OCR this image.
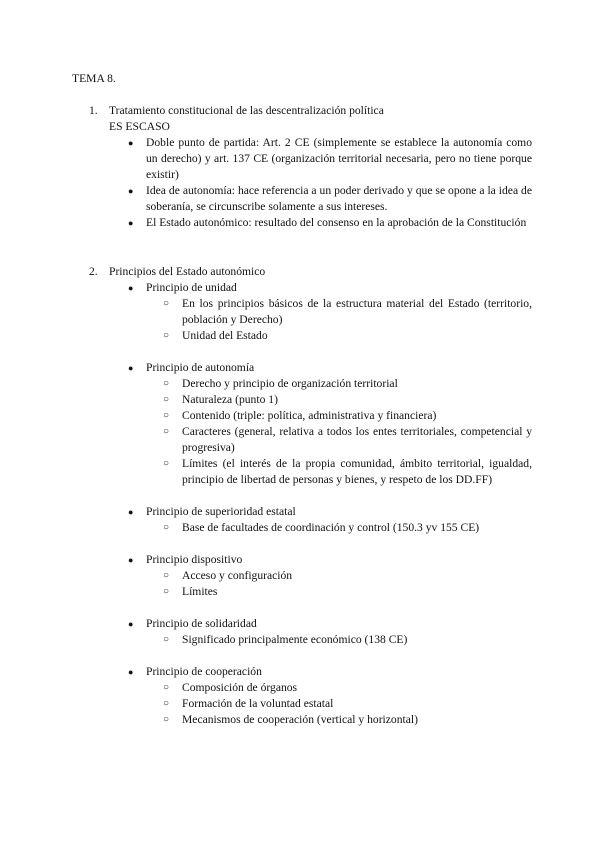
TEMA 8.
1. Tratamiento constitucional de las descentralización política
ES ESCASO
● Doble punto de partida: Art. 2 CE (simplemente se establece la autonomía como un derecho) y art. 137 CE (organización territorial necesaria, pero no tiene porque existir)
● Idea de autonomía: hace referencia a un poder derivado y que se opone a la idea de soberanía, se circunscribe solamente a sus intereses.
● El Estado autonómico: resultado del consenso en la aprobación de la Constitución
2. Principios del Estado autonómico
● Principio de unidad
○ En los principios básicos de la estructura material del Estado (territorio, población y Derecho)
○ Unidad del Estado
● Principio de autonomía
○ Derecho y principio de organización territorial
○ Naturaleza (punto 1)
○ Contenido (triple: política, administrativa y financiera)
○ Caracteres (general, relativa a todos los entes territoriales, competencial y progresiva)
○ Límites (el interés de la propia comunidad, ámbito territorial, igualdad, principio de libertad de personas y bienes, y respeto de los DD.FF)
● Principio de superioridad estatal
○ Base de facultades de coordinación y control (150.3 yv 155 CE)
● Principio dispositivo
○ Acceso y configuración
○ Límites
● Principio de solidaridad
○ Significado principalmente económico (138 CE)
● Principio de cooperación
○ Composición de órganos
○ Formación de la voluntad estatal
○ Mecanismos de cooperación (vertical y horizontal)
